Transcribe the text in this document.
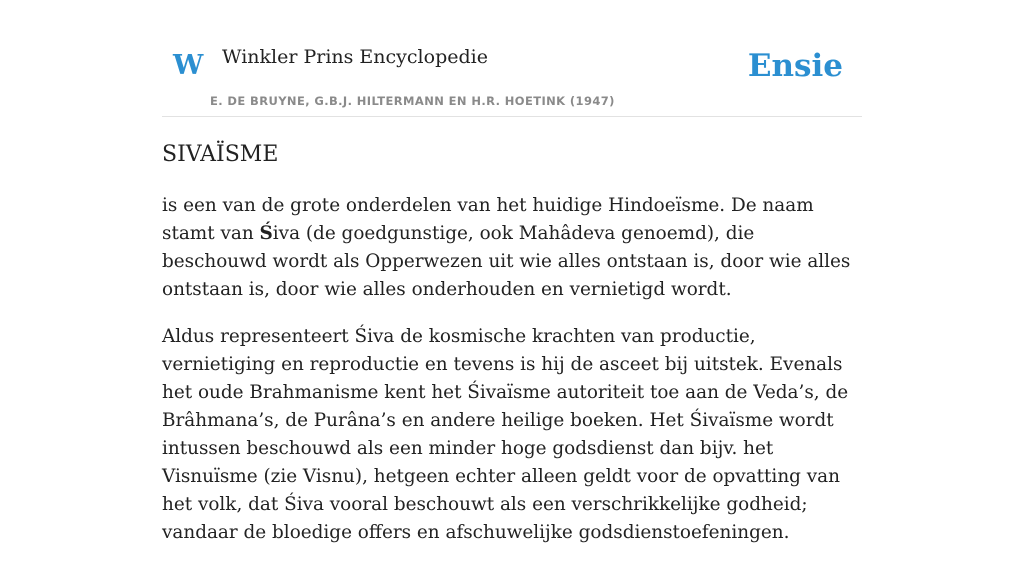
W Winkler Prins Encyclopedie
E. DE BRUYNE, G.B.J. HILTERMANN EN H.R. HOETINK (1947)
Ensie
SIVAÏSME

is een van de grote onderdelen van het huidige Hindoeïsme. De naam stamt van Śiva (de goedgunstige, ook Mahâdeva genoemd), die beschouwd wordt als Opperwezen uit wie alles ontstaan is, door wie alles ontstaan is, door wie alles onderhouden en vernietigd wordt.

Aldus representeert Śiva de kosmische krachten van productie, vernietiging en reproductie en tevens is hij de asceet bij uitstek. Evenals het oude Brahmanisme kent het Śivaïsme autoriteit toe aan de Veda’s, de Brâhmana’s, de Purâna’s en andere heilige boeken. Het Śivaïsme wordt intussen beschouwd als een minder hoge godsdienst dan bijv. het Visnuïsme (zie Visnu), hetgeen echter alleen geldt voor de opvatting van het volk, dat Śiva vooral beschouwt als een verschrikkelijke godheid; vandaar de bloedige offers en afschuwelijke godsdienstoefeningen.
